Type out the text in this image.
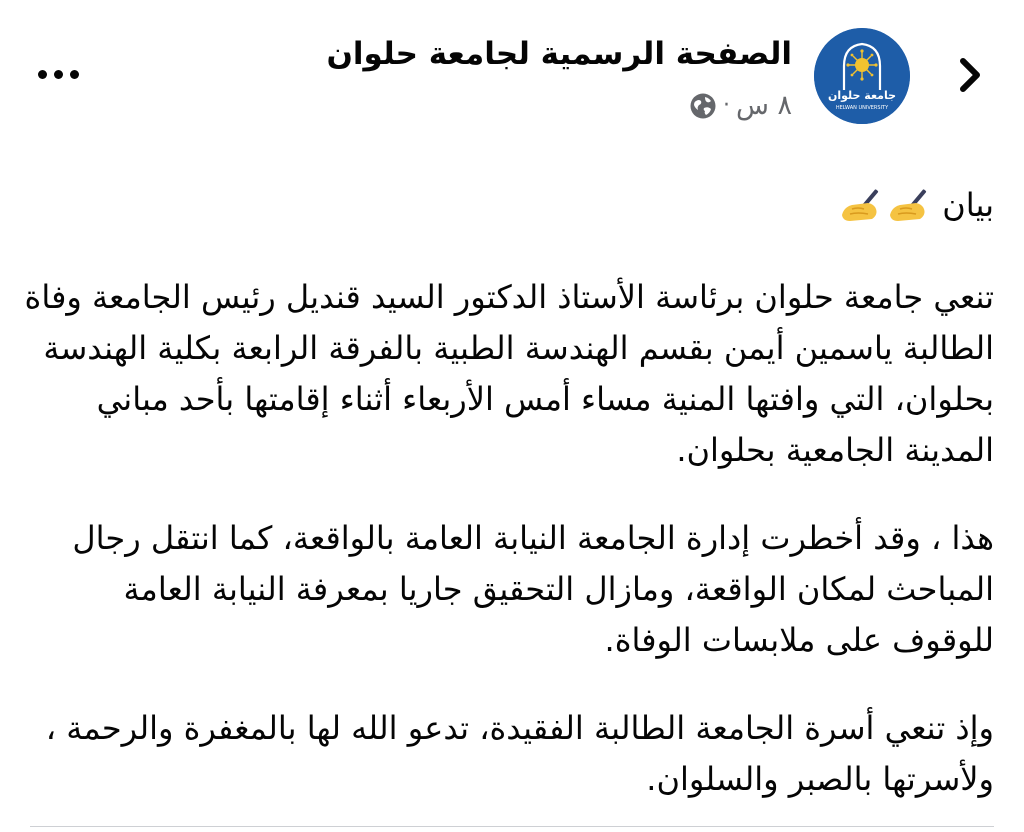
جامعة حلوان
HELWAN UNIVERSITY
الصفحة الرسمية لجامعة حلوان
٨ س
·
بيان

تنعي جامعة حلوان برئاسة الأستاذ الدكتور السيد قنديل رئيس الجامعة وفاة الطالبة ياسمين أيمن بقسم الهندسة الطبية بالفرقة الرابعة بكلية الهندسة بحلوان، التي وافتها المنية مساء أمس الأربعاء أثناء إقامتها بأحد مباني المدينة الجامعية بحلوان.

هذا ، وقد أخطرت إدارة الجامعة النيابة العامة بالواقعة، كما انتقل رجال المباحث لمكان الواقعة، ومازال التحقيق جاريا بمعرفة النيابة العامة للوقوف على ملابسات الوفاة.

وإذ تنعي أسرة الجامعة الطالبة الفقيدة، تدعو الله لها بالمغفرة والرحمة ، ولأسرتها بالصبر والسلوان.
